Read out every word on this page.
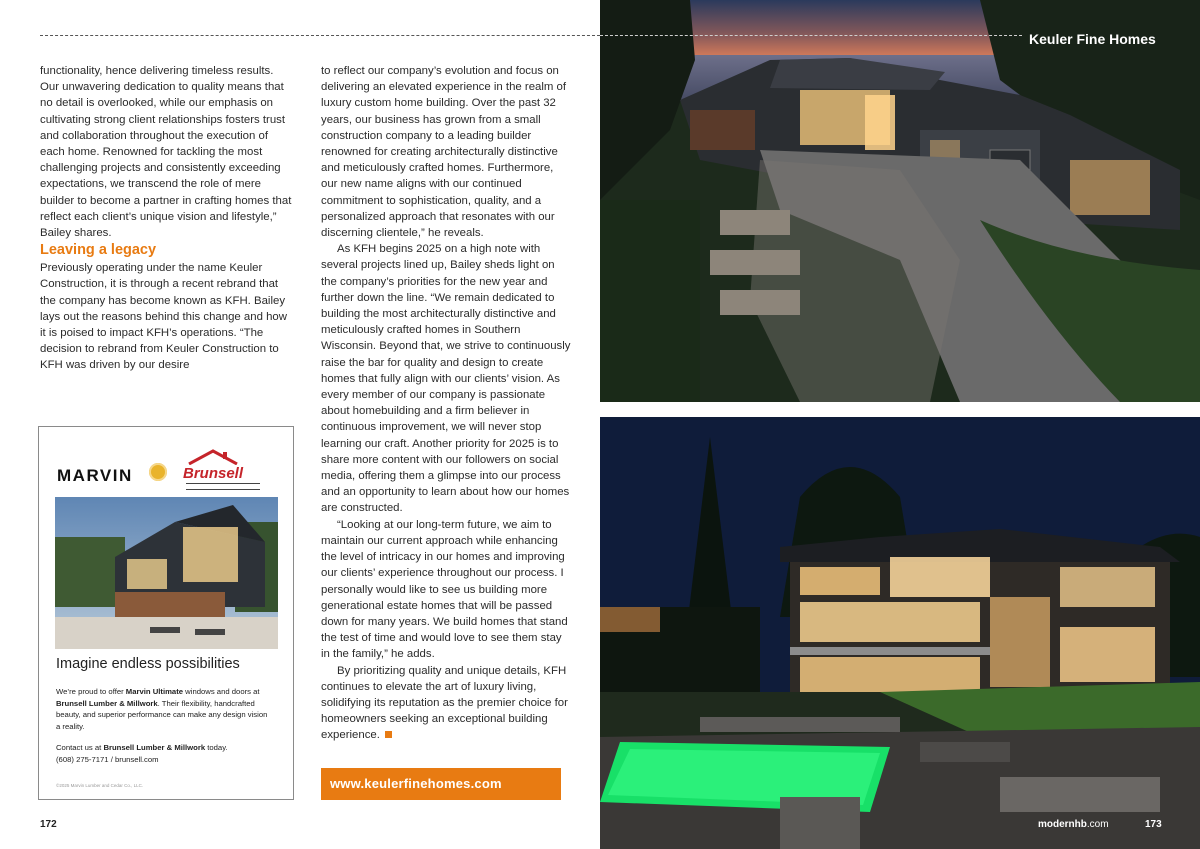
functionality, hence delivering timeless results. Our unwavering dedication to quality means that no detail is overlooked, while our emphasis on cultivating strong client relationships fosters trust and collaboration throughout the execution of each home. Renowned for tackling the most challenging projects and consistently exceeding expectations, we transcend the role of mere builder to become a partner in crafting homes that reflect each client’s unique vision and lifestyle,” Bailey shares.

Leaving a legacy

Previously operating under the name Keuler Construction, it is through a recent rebrand that the company has become known as KFH. Bailey lays out the reasons behind this change and how it is poised to impact KFH’s operations. “The decision to rebrand from Keuler Construction to KFH was driven by our desire

to reflect our company’s evolution and focus on delivering an elevated experience in the realm of luxury custom home building. Over the past 32 years, our business has grown from a small construction company to a leading builder renowned for creating architecturally distinctive and meticulously crafted homes. Furthermore, our new name aligns with our continued commitment to sophistication, quality, and a personalized approach that resonates with our discerning clientele,” he reveals.

As KFH begins 2025 on a high note with several projects lined up, Bailey sheds light on the company’s priorities for the new year and further down the line. “We remain dedicated to building the most architecturally distinctive and meticulously crafted homes in Southern Wisconsin. Beyond that, we strive to continuously raise the bar for quality and design to create homes that fully align with our clients’ vision. As every member of our company is passionate about homebuilding and a firm believer in continuous improvement, we will never stop learning our craft. Another priority for 2025 is to share more content with our followers on social media, offering them a glimpse into our process and an opportunity to learn about how our homes are constructed.

“Looking at our long-term future, we aim to maintain our current approach while enhancing the level of intricacy in our homes and improving our clients’ experience throughout our process. I personally would like to see us building more generational estate homes that will be passed down for many years. We build homes that stand the test of time and would love to see them stay in the family,” he adds.

By prioritizing quality and unique details, KFH continues to elevate the art of luxury living, solidifying its reputation as the premier choice for homeowners seeking an exceptional building experience.

MARVIN	Brunsell
Imagine endless possibilities

We’re proud to offer Marvin Ultimate windows and doors at Brunsell Lumber & Millwork. Their flexibility, handcrafted beauty, and superior performance can make any design vision a reality.

Contact us at Brunsell Lumber & Millwork today.
(608) 275-7171 / brunsell.com

©2025 Marvin Lumber and Cedar Co., LLC.	www.keulerfinehomes.com
172
Keuler Fine Homes
modernhb.com	173
